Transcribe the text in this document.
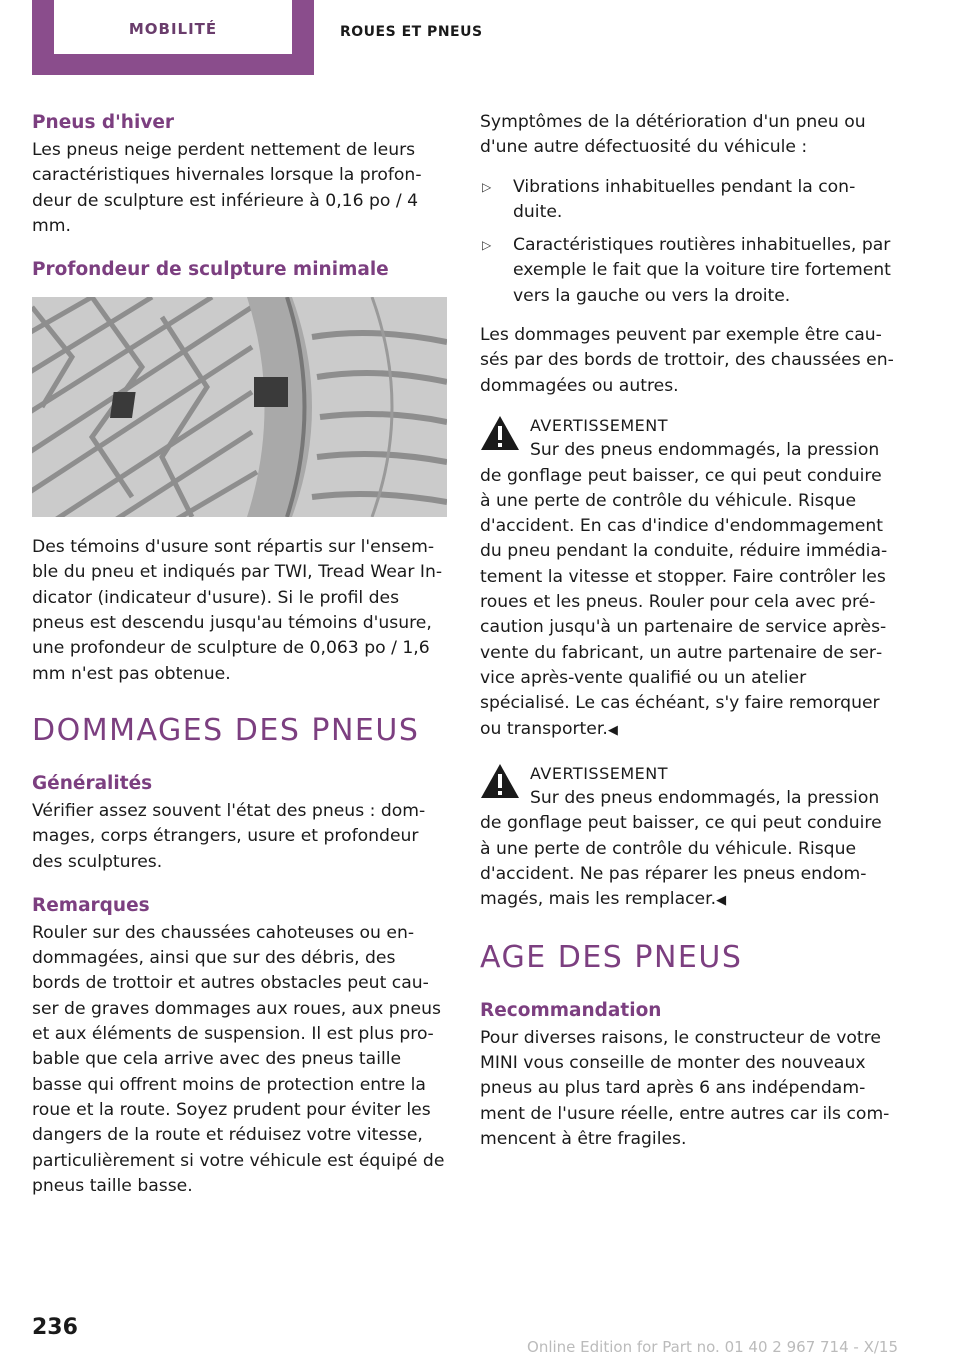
MOBILITÉ	ROUES ET PNEUS
Pneus d'hiver

Les pneus neige perdent nettement de leurs caractéristiques hivernales lorsque la profon‐deur de sculpture est inférieure à 0,16 po / 4 mm.

Profondeur de sculpture minimale

Des témoins d'usure sont répartis sur l'ensem‐ble du pneu et indiqués par TWI, Tread Wear In‐dicator (indicateur d'usure). Si le profil des pneus est descendu jusqu'au témoins d'usure, une profondeur de sculpture de 0,063 po / 1,6 mm n'est pas obtenue.

DOMMAGES DES PNEUS
Généralités

Vérifier assez souvent l'état des pneus : dom‐mages, corps étrangers, usure et profondeur des sculptures.

Remarques

Rouler sur des chaussées cahoteuses ou en‐dommagées, ainsi que sur des débris, des bords de trottoir et autres obstacles peut cau‐ser de graves dommages aux roues, aux pneus et aux éléments de suspension. Il est plus pro‐bable que cela arrive avec des pneus taille basse qui offrent moins de protection entre la roue et la route. Soyez prudent pour éviter les dangers de la route et réduisez votre vitesse, particulièrement si votre véhicule est équipé de pneus taille basse.

Symptômes de la détérioration d'un pneu ou d'une autre défectuosité du véhicule :

▷ Vibrations inhabituelles pendant la con‐duite.
▷ Caractéristiques routières inhabituelles, par exemple le fait que la voiture tire fortement vers la gauche ou vers la droite.

Les dommages peuvent par exemple être cau‐sés par des bords de trottoir, des chaussées en‐dommagées ou autres.

AVERTISSEMENT
Sur des pneus endommagés, la pression de gonflage peut baisser, ce qui peut conduire à une perte de contrôle du véhicule. Risque d'accident. En cas d'indice d'endommagement du pneu pendant la conduite, réduire immédia‐tement la vitesse et stopper. Faire contrôler les roues et les pneus. Rouler pour cela avec pré‐caution jusqu'à un partenaire de service après-vente du fabricant, un autre partenaire de ser‐vice après-vente qualifié ou un atelier spécialisé. Le cas échéant, s'y faire remorquer ou transporter.◀
AVERTISSEMENT
Sur des pneus endommagés, la pression de gonflage peut baisser, ce qui peut conduire à une perte de contrôle du véhicule. Risque d'accident. Ne pas réparer les pneus endom‐magés, mais les remplacer.◀
AGE DES PNEUS
Recommandation

Pour diverses raisons, le constructeur de votre MINI vous conseille de monter des nouveaux pneus au plus tard après 6 ans indépendam‐ment de l'usure réelle, entre autres car ils com‐mencent à être fragiles.

236
Online Edition for Part no. 01 40 2 967 714 - X/15
